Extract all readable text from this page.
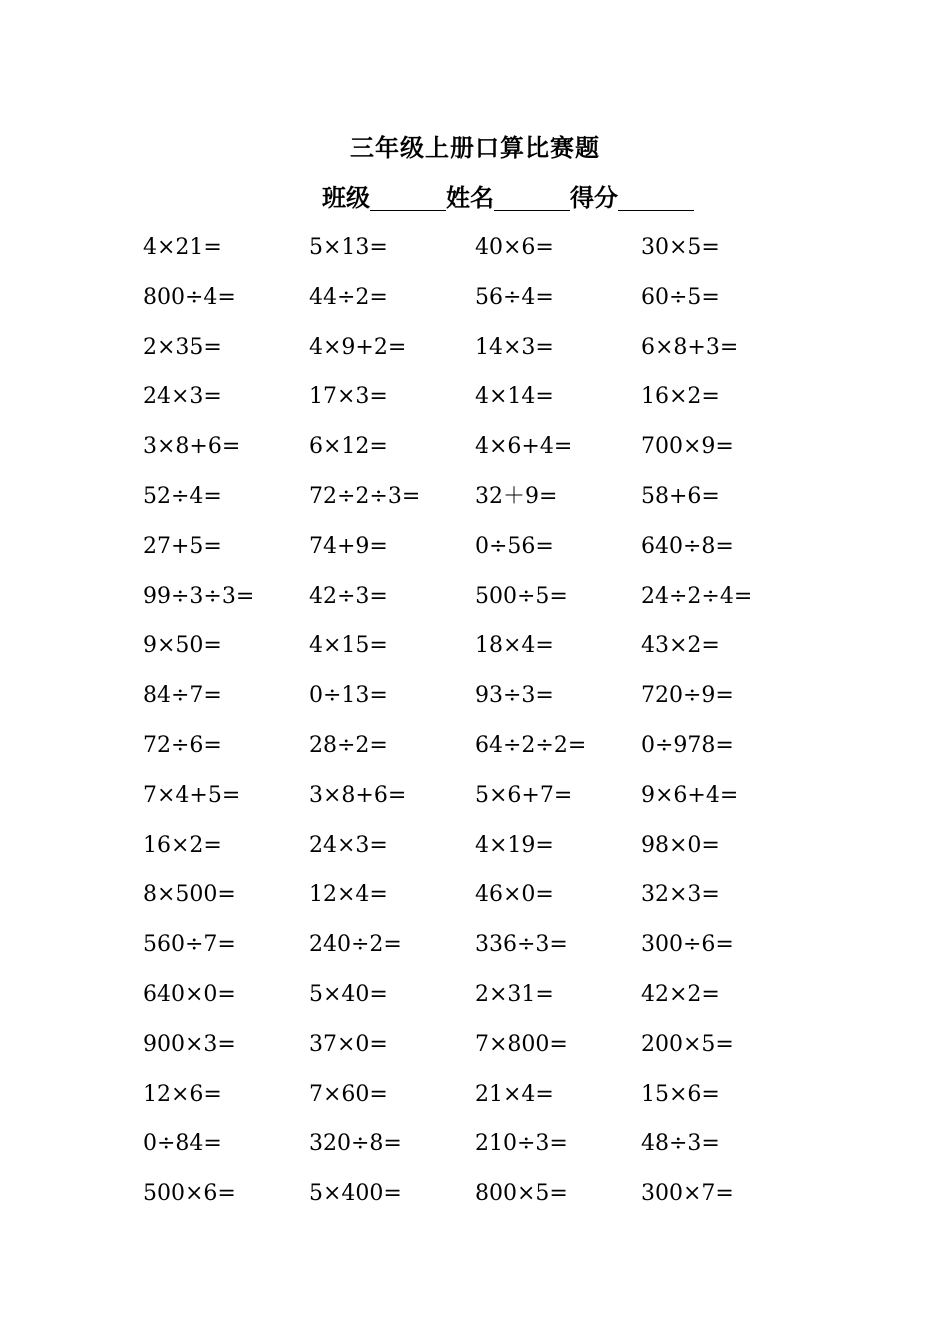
三年级上册口算比赛题
班级	姓名	得分
4×21=	5×13=	40×6=	30×5=
800÷4=	44÷2=	56÷4=	60÷5=
2×35=	4×9+2=	14×3=	6×8+3=
24×3=	17×3=	4×14=	16×2=
3×8+6=	6×12=	4×6+4=	700×9=
52÷4=	72÷2÷3=	32＋9=	58+6=
27+5=	74+9=	0÷56=	640÷8=
99÷3÷3=	42÷3=	500÷5=	24÷2÷4=
9×50=	4×15=	18×4=	43×2=
84÷7=	0÷13=	93÷3=	720÷9=
72÷6=	28÷2=	64÷2÷2=	0÷978=
7×4+5=	3×8+6=	5×6+7=	9×6+4=
16×2=	24×3=	4×19=	98×0=
8×500=	12×4=	46×0=	32×3=
560÷7=	240÷2=	336÷3=	300÷6=
640×0=	5×40=	2×31=	42×2=
900×3=	37×0=	7×800=	200×5=
12×6=	7×60=	21×4=	15×6=
0÷84=	320÷8=	210÷3=	48÷3=
500×6=	5×400=	800×5=	300×7=
